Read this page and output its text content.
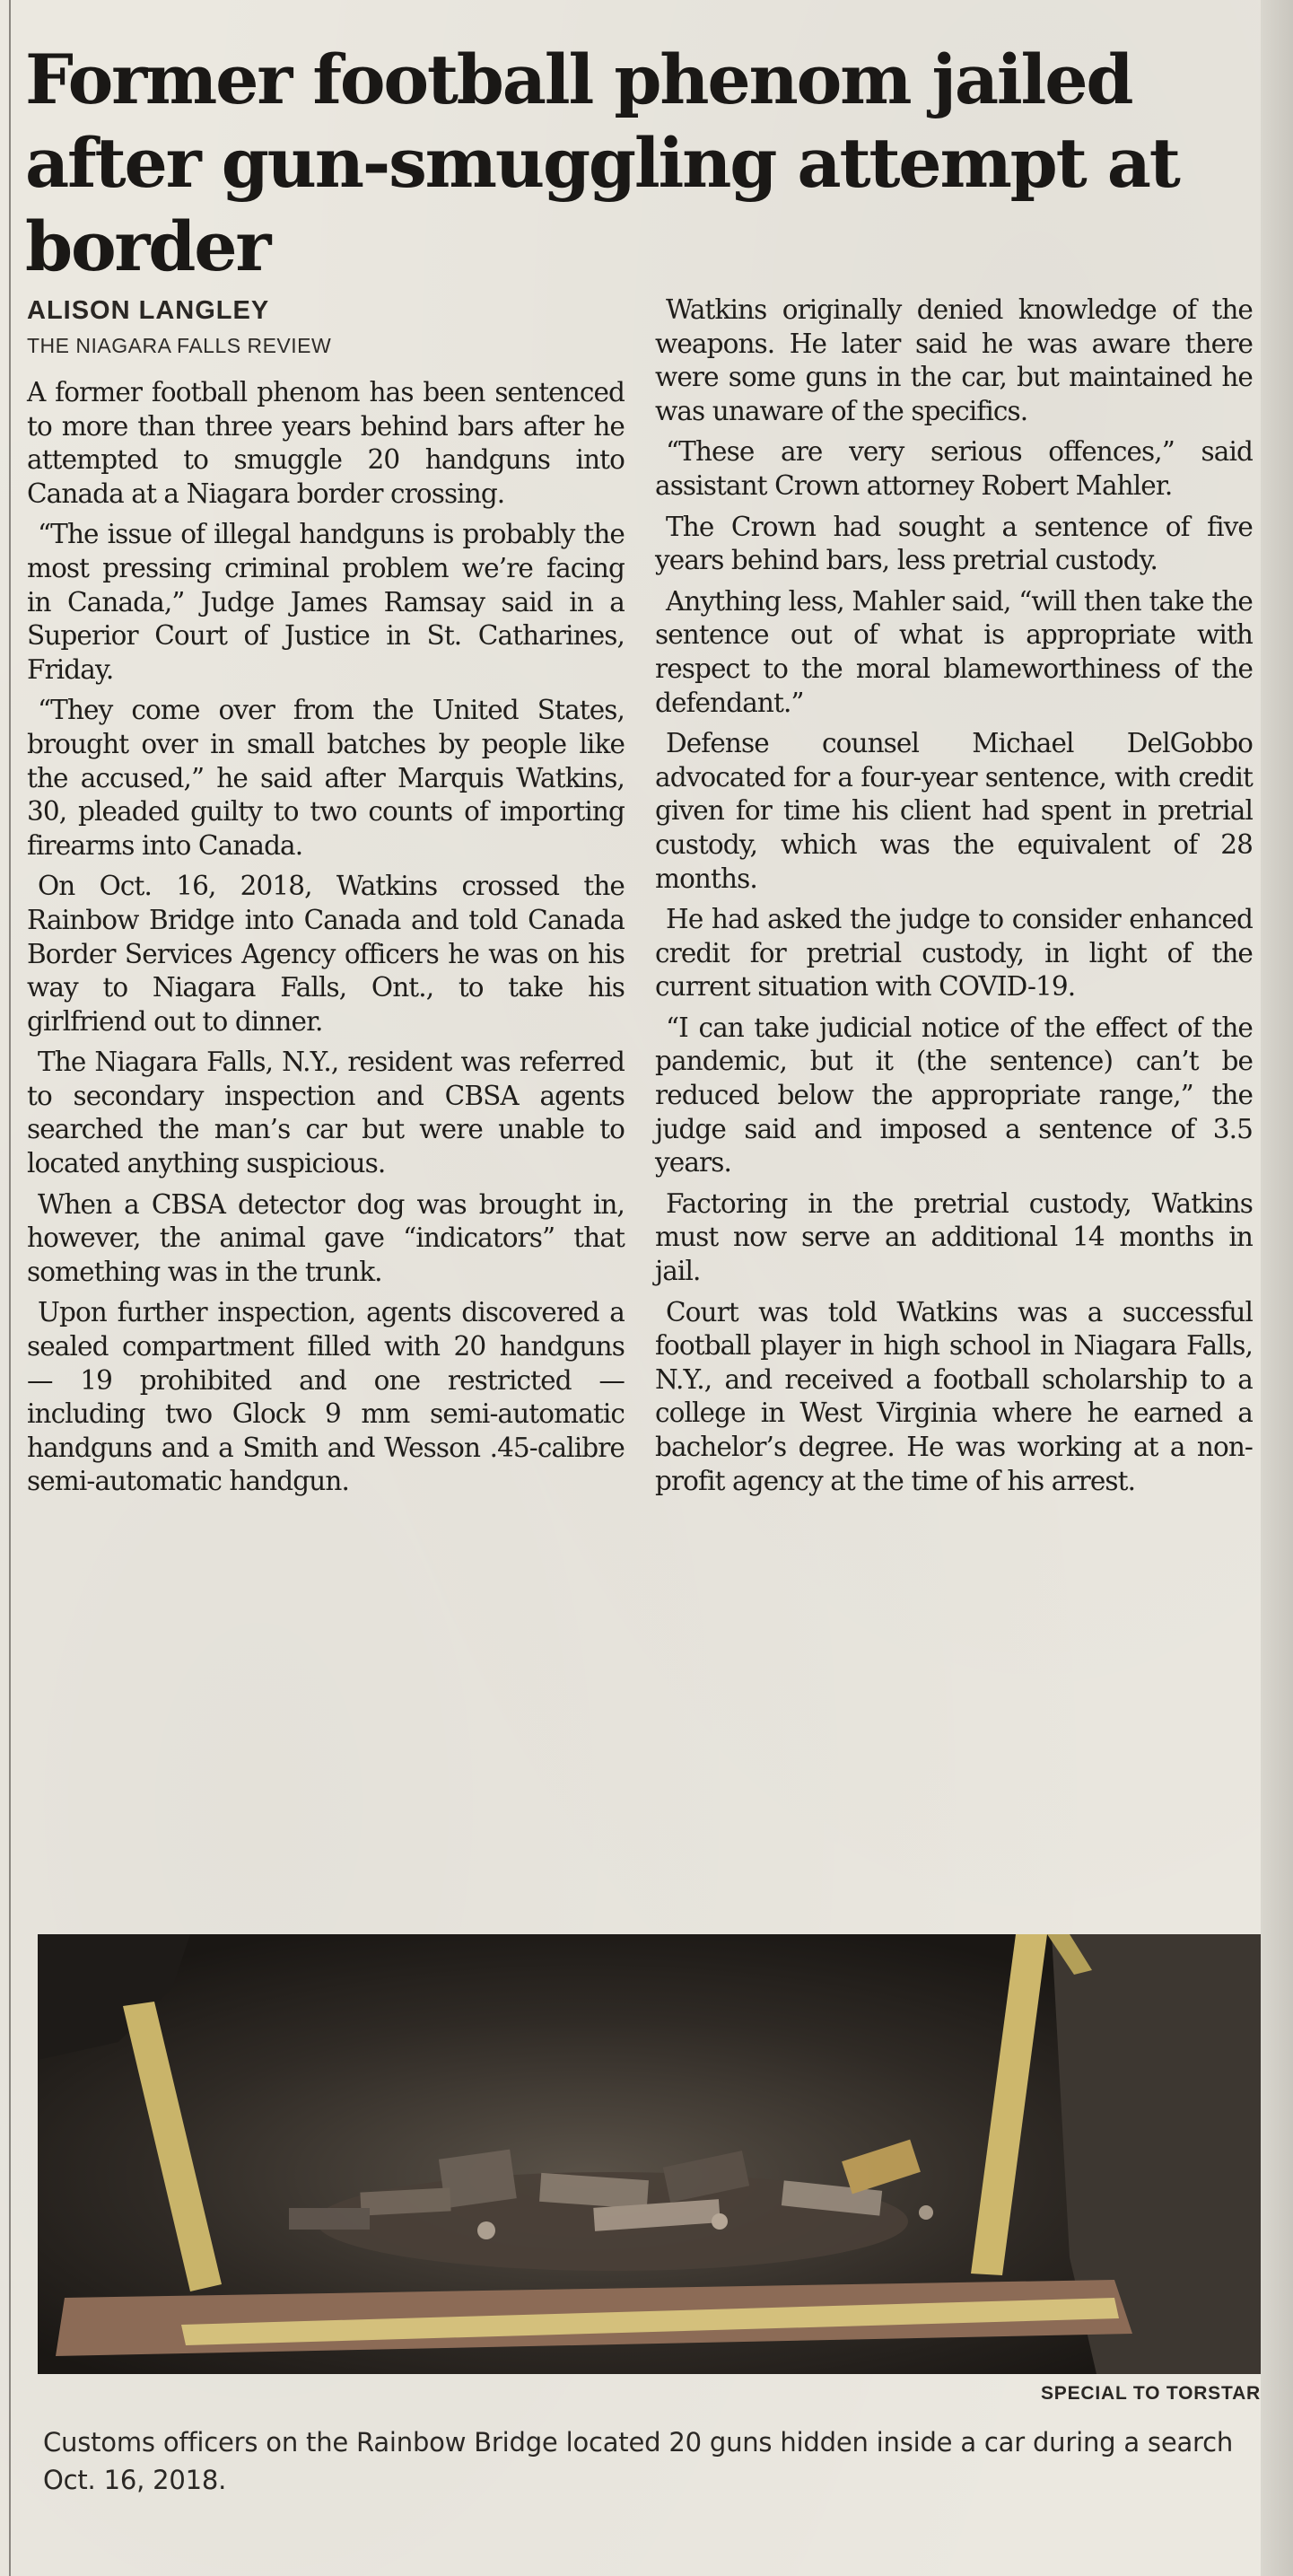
Former football phenom jailed after gun-smuggling attempt at border
ALISON LANGLEY
THE NIAGARA FALLS REVIEW

A former football phenom has been sentenced to more than three years behind bars after he attempted to smuggle 20 handguns into Canada at a Niagara border crossing.

“The issue of illegal handguns is probably the most pressing criminal problem we’re facing in Canada,” Judge James Ramsay said in a Superior Court of Justice in St. Catharines, Friday.

“They come over from the United States, brought over in small batches by people like the accused,” he said after Marquis Watkins, 30, pleaded guilty to two counts of importing firearms into Canada.

On Oct. 16, 2018, Watkins crossed the Rainbow Bridge into Canada and told Canada Border Services Agency officers he was on his way to Niagara Falls, Ont., to take his girlfriend out to dinner.

The Niagara Falls, N.Y., resident was referred to secondary inspection and CBSA agents searched the man’s car but were unable to located anything suspicious.

When a CBSA detector dog was brought in, however, the animal gave “indicators” that something was in the trunk.

Upon further inspection, agents discovered a sealed compartment filled with 20 handguns — 19 prohibited and one restricted — including two Glock 9 mm semi-automatic handguns and a Smith and Wesson .45-calibre semi-automatic handgun.

Watkins originally denied knowledge of the weapons. He later said he was aware there were some guns in the car, but maintained he was unaware of the specifics.

“These are very serious offences,” said assistant Crown attorney Robert Mahler.

The Crown had sought a sentence of five years behind bars, less pretrial custody.

Anything less, Mahler said, “will then take the sentence out of what is appropriate with respect to the moral blameworthiness of the defendant.”

Defense counsel Michael DelGobbo advocated for a four-year sentence, with credit given for time his client had spent in pretrial custody, which was the equivalent of 28 months.

He had asked the judge to consider enhanced credit for pretrial custody, in light of the current situation with COVID-19.

“I can take judicial notice of the effect of the pandemic, but it (the sentence) can’t be reduced below the appropriate range,” the judge said and imposed a sentence of 3.5 years.

Factoring in the pretrial custody, Watkins must now serve an additional 14 months in jail.

Court was told Watkins was a successful football player in high school in Niagara Falls, N.Y., and received a football scholarship to a college in West Virginia where he earned a bachelor’s degree. He was working at a non-profit agency at the time of his arrest.

SPECIAL TO TORSTAR
Customs officers on the Rainbow Bridge located 20 guns hidden inside a car during a search Oct. 16, 2018.
